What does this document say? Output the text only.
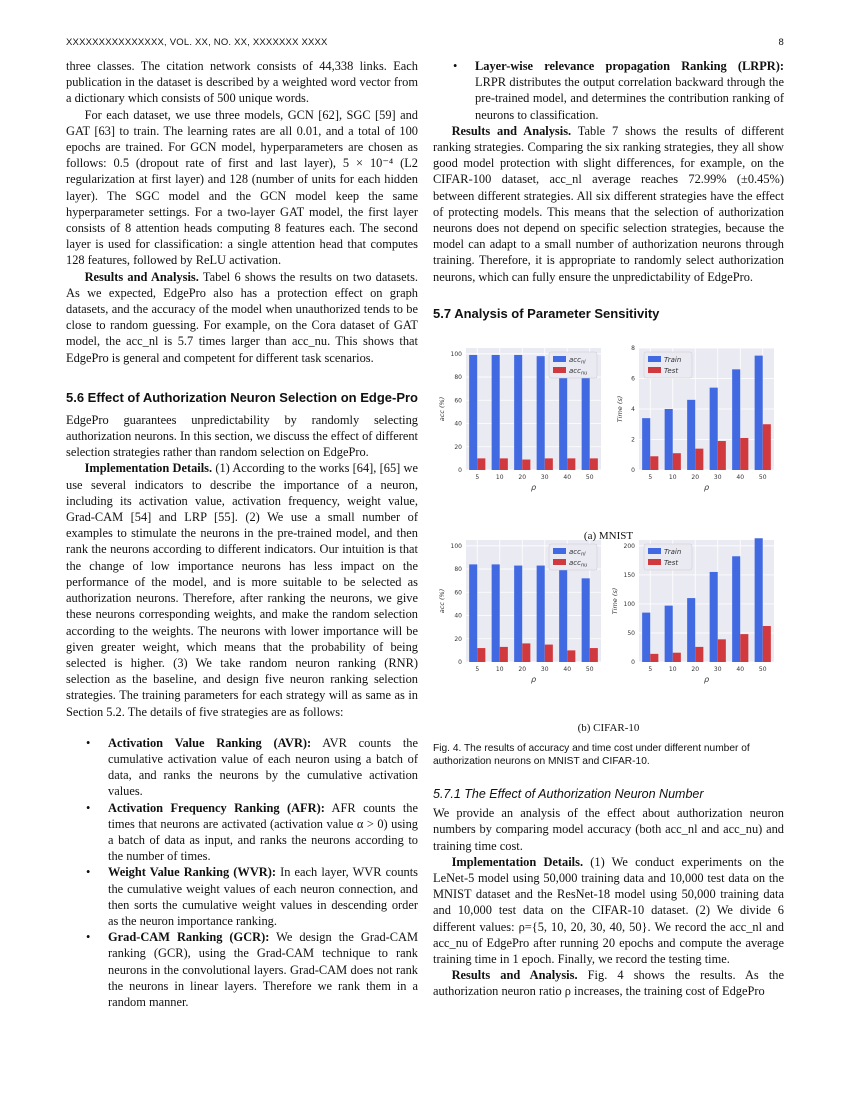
XXXXXXXXXXXXXXX, VOL. XX, NO. XX, XXXXXXX XXXX	8

three classes. The citation network consists of 44,338 links. Each publication in the dataset is described by a weighted word vector from a dictionary which consists of 500 unique words.

For each dataset, we use three models, GCN [62], SGC [59] and GAT [63] to train. The learning rates are all 0.01, and a total of 100 epochs are trained. For GCN model, hyperparameters are chosen as follows: 0.5 (dropout rate of first and last layer), 5 × 10⁻⁴ (L2 regularization at first layer) and 128 (number of units for each hidden layer). The SGC model and the GCN model keep the same hyperparameter settings. For a two-layer GAT model, the first layer consists of 8 attention heads computing 8 features each. The second layer is used for classification: a single attention head that computes 128 features, followed by ReLU activation.

Results and Analysis. Tabel 6 shows the results on two datasets. As we expected, EdgePro also has a protection effect on graph datasets, and the accuracy of the model when unauthorized tends to be close to random guessing. For example, on the Cora dataset of GAT model, the acc_nl is 5.7 times larger than acc_nu. This shows that EdgePro is general and competent for different task scenarios.

5.6 Effect of Authorization Neuron Selection on Edge-Pro

EdgePro guarantees unpredictability by randomly selecting authorization neurons. In this section, we discuss the effect of different selection strategies rather than random selection on EdgePro.

Implementation Details. (1) According to the works [64], [65] we use several indicators to describe the importance of a neuron, including its activation value, activation frequency, weight value, Grad-CAM [54] and LRP [55]. (2) We use a small number of examples to stimulate the neurons in the pre-trained model, and then rank the neurons according to different indicators. Our intuition is that the change of low importance neurons has less impact on the performance of the model, and is more suitable to be selected as authorization neurons. Therefore, after ranking the neurons, we give these neurons corresponding weights, and make the random selection according to the weights. The neurons with lower importance will be given greater weight, which means that the probability of being selected is higher. (3) We take random neuron ranking (RNR) selection as the baseline, and design five neuron ranking selection strategies. The training parameters for each strategy will as same as in Section 5.2. The details of five strategies are as follows:

• Activation Value Ranking (AVR): AVR counts the cumulative activation value of each neuron using a batch of data, and ranks the neurons by the cumulative activation values.
• Activation Frequency Ranking (AFR): AFR counts the times that neurons are activated (activation value α > 0) using a batch of data as input, and ranks the neurons according to the number of times.
• Weight Value Ranking (WVR): In each layer, WVR counts the cumulative weight values of each neuron connection, and then sorts the cumulative weight values in descending order as the neuron importance ranking.
• Grad-CAM Ranking (GCR): We design the Grad-CAM ranking (GCR), using the Grad-CAM technique to rank neurons in the convolutional layers. Grad-CAM does not rank the neurons in linear layers. Therefore we rank them in a random manner.
• Layer-wise relevance propagation Ranking (LRPR): LRPR distributes the output correlation backward through the pre-trained model, and determines the contribution ranking of neurons to classification.

Results and Analysis. Table 7 shows the results of different ranking strategies. Comparing the six ranking strategies, they all show good model protection with slight differences, for example, on the CIFAR-100 dataset, acc_nl average reaches 72.99% (±0.45%) between different strategies. All six different strategies have the effect of protecting models. This means that the selection of authorization neurons does not depend on specific selection strategies, because the model can adapt to a small number of authorization neurons through training. Therefore, it is appropriate to randomly select authorization neurons, which can fully ensure the unpredictability of EdgePro.

5.7 Analysis of Parameter Sensitivity

0
20
40
60
80
100
5	10 20 30 40 50
ρ
acc (%)
acc$_{nl}$
acc$_{nu}$
0
2
4
6
8
5	10 20 30 40 50
ρ
Time (s)
Train
Test
0
20
40
60
80
100
5	10 20 30 40 50
ρ
acc (%)
acc$_{nl}$
acc$_{nu}$
0
50
100
150
200
5	10 20 30 40 50
ρ
Time (s)
Train
Test
(a) MNIST
(b) CIFAR-10

Fig. 4. The results of accuracy and time cost under different number of authorization neurons on MNIST and CIFAR-10.

5.7.1 The Effect of Authorization Neuron Number

We provide an analysis of the effect about authorization neuron numbers by comparing model accuracy (both acc_nl and acc_nu) and training time cost.

Implementation Details. (1) We conduct experiments on the LeNet-5 model using 50,000 training data and 10,000 test data on the MNIST dataset and the ResNet-18 model using 50,000 training data and 10,000 test data on the CIFAR-10 dataset. (2) We divide 6 different values: ρ={5, 10, 20, 30, 40, 50}. We record the acc_nl and acc_nu of EdgePro after running 20 epochs and compute the average training time in 1 epoch. Finally, we record the testing time.

Results and Analysis. Fig. 4 shows the results. As the authorization neuron ratio ρ increases, the training cost of EdgePro
